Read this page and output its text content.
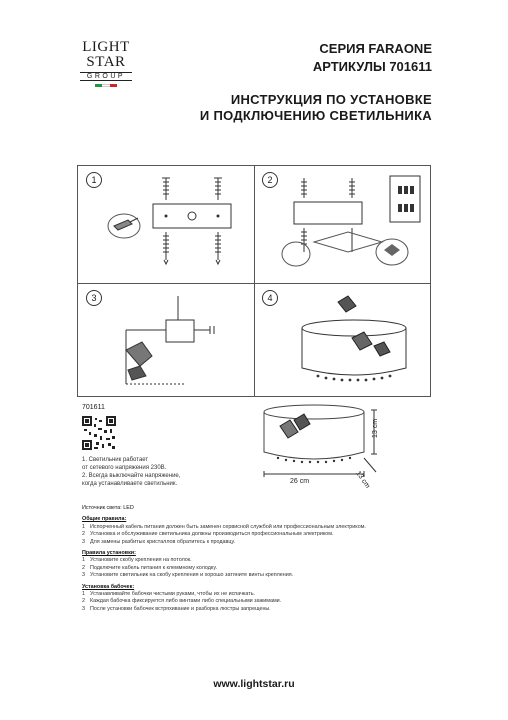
LIGHT
STAR
GROUP
СЕРИЯ FARAONE
АРТИКУЛЫ 701611
ИНСТРУКЦИЯ ПО УСТАНОВКЕ
И ПОДКЛЮЧЕНИЮ СВЕТИЛЬНИКА
1	2
3	4
701611
1. Светильник работает
от сетевого напряжения 230В.
2. Всегда выключайте напряжение,
когда устанавливаете светильник.	26 cm
13 cm
13 cm
Источник света: LED
Общие правила:
1 Испорченный кабель питания должен быть заменен сервисной службой или профессиональным электриком.
2 Установка и обслуживание светильника должны производиться профессиональным электриком.
3 Для замены разбитых кристаллов обратитесь к продавцу.
Правила установки:
1 Установите скобу крепления на потолок.
2 Подключите кабель питания к клеммному колодку.
3 Установите светильник на скобу крепления и хорошо затяните винты крепления.
Установка бабочек:
1 Устанавливайте бабочки чистыми руками, чтобы их не испачкать.
2 Каждая бабочка фиксируется либо винтами либо специальными зажимами.
3 После установки бабочек встряхивание и разборка люстры запрещены.
www.lightstar.ru
